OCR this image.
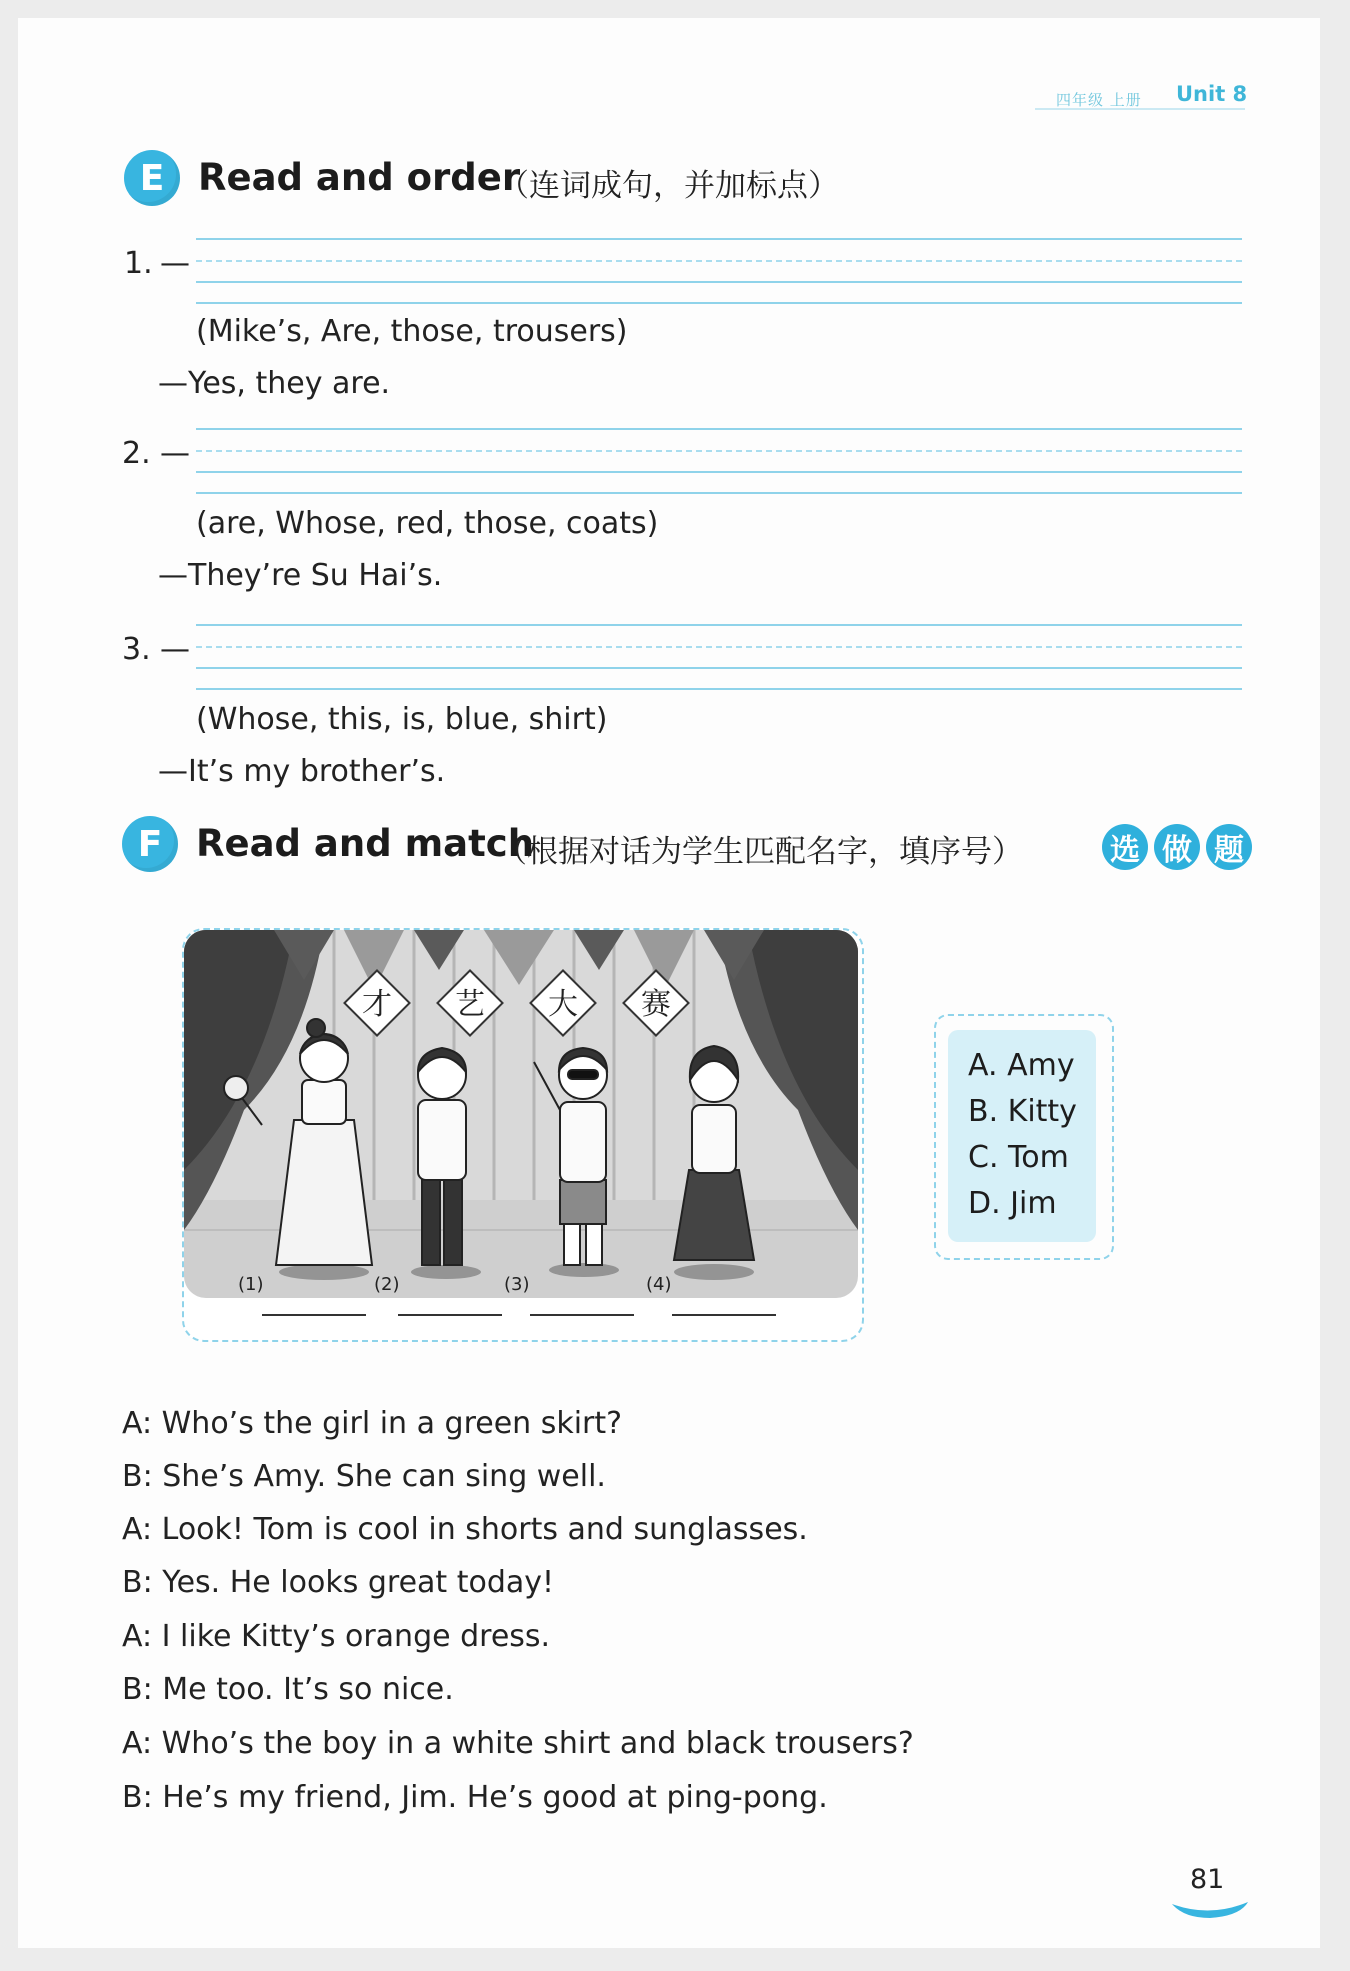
四年级 上册 Unit 8
E Read and order
（连词成句，并加标点）
1. —
(Mike’s, Are, those, trousers)
—Yes, they are.
2. —
(are, Whose, red, those, coats)
—They’re Su Hai’s.
3. —
(Whose, this, is, blue, shirt)
—It’s my brother’s.
F Read and match
（根据对话为学生匹配名字，填序号）	选 做 题
才 艺 大 赛
(1)	(2)	(3)	(4)
A. Amy
B. Kitty
C. Tom
D. Jim
A: Who’s the girl in a green skirt?
B: She’s Amy. She can sing well.
A: Look! Tom is cool in shorts and sunglasses.
B: Yes. He looks great today!
A: I like Kitty’s orange dress.
B: Me too. It’s so nice.
A: Who’s the boy in a white shirt and black trousers?
B: He’s my friend, Jim. He’s good at ping-pong.
81
